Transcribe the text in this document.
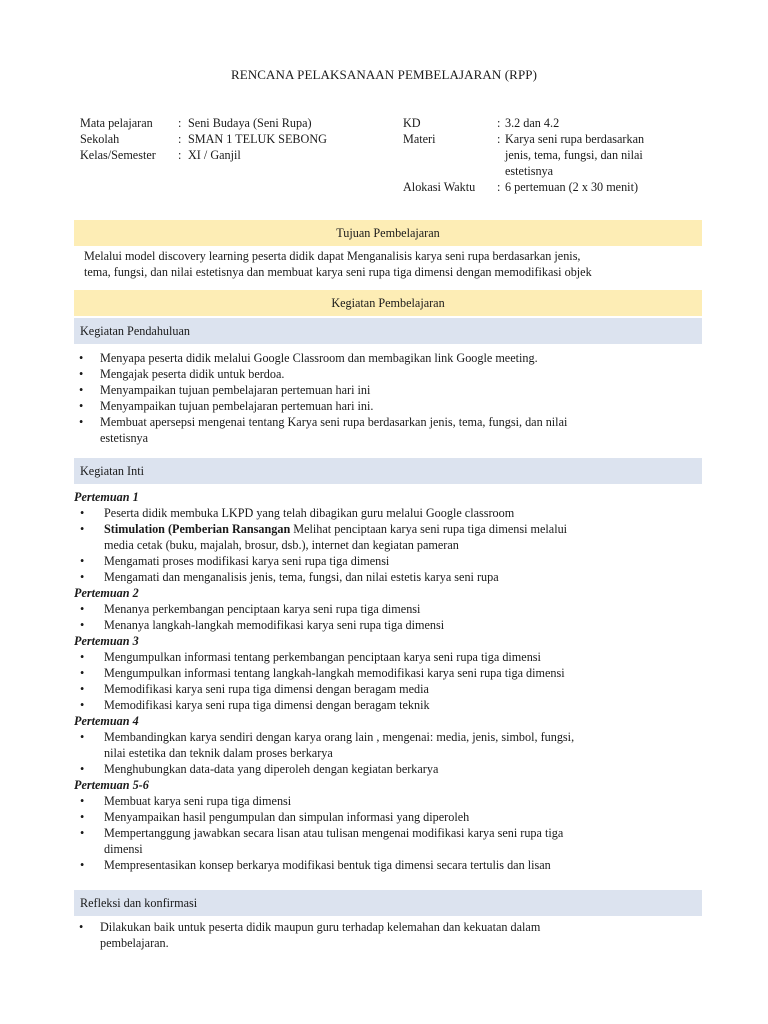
RENCANA PELAKSANAAN PEMBELAJARAN (RPP)
Mata pelajaran	: Seni Budaya (Seni Rupa)
Sekolah	: SMAN 1 TELUK SEBONG
Kelas/Semester	: XI / Ganjil
KD	: 3.2 dan 4.2
Materi	: Karya seni rupa berdasarkan
jenis, tema, fungsi, dan nilai
estetisnya
Alokasi Waktu	: 6 pertemuan (2 x 30 menit)
Tujuan Pembelajaran
Melalui model discovery learning peserta didik dapat Menganalisis karya seni rupa berdasarkan jenis,
tema, fungsi, dan nilai estetisnya dan membuat karya seni rupa tiga dimensi dengan memodifikasi objek
Kegiatan Pembelajaran
Kegiatan Pendahuluan
• Menyapa peserta didik melalui Google Classroom dan membagikan link Google meeting.
• Mengajak peserta didik untuk berdoa.
• Menyampaikan tujuan pembelajaran pertemuan hari ini
• Menyampaikan tujuan pembelajaran pertemuan hari ini.
• Membuat apersepsi mengenai tentang Karya seni rupa berdasarkan jenis, tema, fungsi, dan nilai
estetisnya
Kegiatan Inti
Pertemuan 1
• Peserta didik membuka LKPD yang telah dibagikan guru melalui Google classroom
• Stimulation (Pemberian Ransangan Melihat penciptaan karya seni rupa tiga dimensi melalui
media cetak (buku, majalah, brosur, dsb.), internet dan kegiatan pameran
• Mengamati proses modifikasi karya seni rupa tiga dimensi
• Mengamati dan menganalisis jenis, tema, fungsi, dan nilai estetis karya seni rupa
Pertemuan 2
• Menanya perkembangan penciptaan karya seni rupa tiga dimensi
• Menanya langkah-langkah memodifikasi karya seni rupa tiga dimensi
Pertemuan 3
• Mengumpulkan informasi tentang perkembangan penciptaan karya seni rupa tiga dimensi
• Mengumpulkan informasi tentang langkah-langkah memodifikasi karya seni rupa tiga dimensi
• Memodifikasi karya seni rupa tiga dimensi dengan beragam media
• Memodifikasi karya seni rupa tiga dimensi dengan beragam teknik
Pertemuan 4
• Membandingkan karya sendiri dengan karya orang lain , mengenai: media, jenis, simbol, fungsi,
nilai estetika dan teknik dalam proses berkarya
• Menghubungkan data-data yang diperoleh dengan kegiatan berkarya
Pertemuan 5-6
• Membuat karya seni rupa tiga dimensi
• Menyampaikan hasil pengumpulan dan simpulan informasi yang diperoleh
• Mempertanggung jawabkan secara lisan atau tulisan mengenai modifikasi karya seni rupa tiga
dimensi
• Mempresentasikan konsep berkarya modifikasi bentuk tiga dimensi secara tertulis dan lisan
Refleksi dan konfirmasi
• Dilakukan baik untuk peserta didik maupun guru terhadap kelemahan dan kekuatan dalam
pembelajaran.
